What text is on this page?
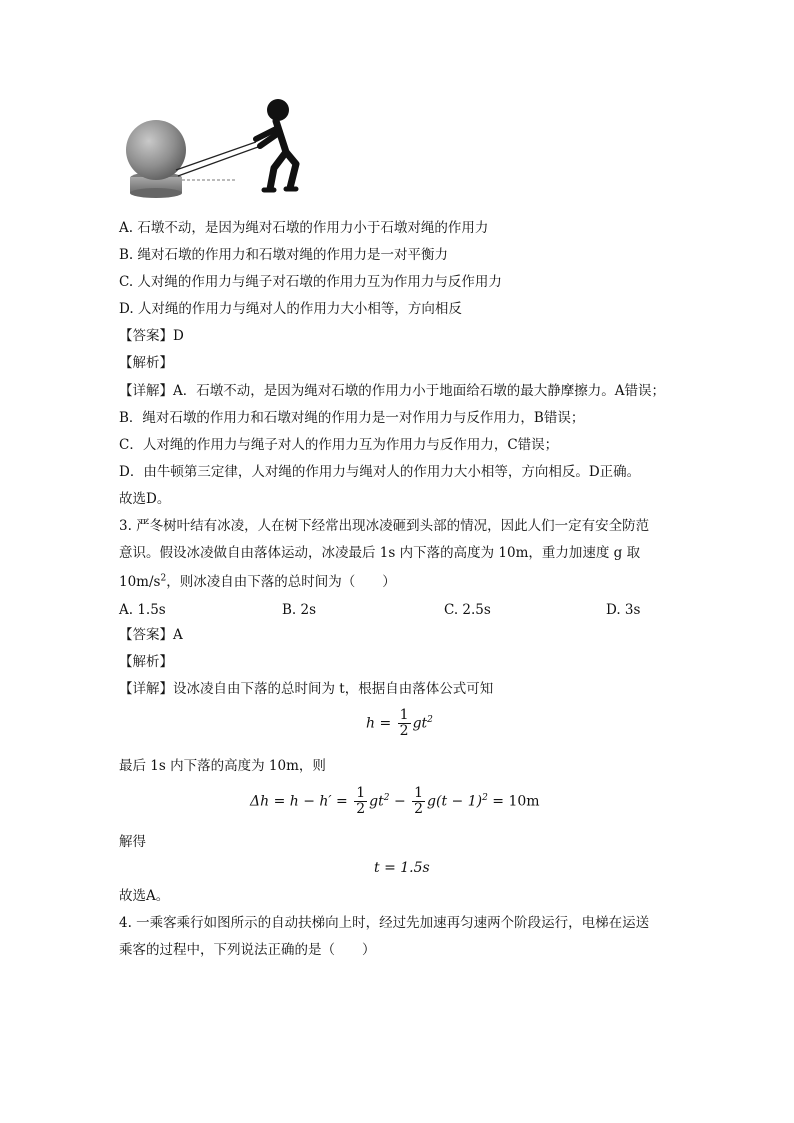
A. 石墩不动，是因为绳对石墩的作用力小于石墩对绳的作用力
B. 绳对石墩的作用力和石墩对绳的作用力是一对平衡力
C. 人对绳的作用力与绳子对石墩的作用力互为作用力与反作用力
D. 人对绳的作用力与绳对人的作用力大小相等，方向相反
【答案】D
【解析】
【详解】A．石墩不动，是因为绳对石墩的作用力小于地面给石墩的最大静摩擦力。A错误；
B．绳对石墩的作用力和石墩对绳的作用力是一对作用力与反作用力，B错误；
C．人对绳的作用力与绳子对人的作用力互为作用力与反作用力，C错误；
D．由牛顿第三定律，人对绳的作用力与绳对人的作用力大小相等，方向相反。D正确。
故选D。
3. 严冬树叶结有冰凌，人在树下经常出现冰凌砸到头部的情况，因此人们一定有安全防范
意识。假设冰凌做自由落体运动，冰凌最后 1s 内下落的高度为 10m，重力加速度 g 取
$10m/s^2$，则冰凌自由下落的总时间为（　　）
A. 1.5s	B. 2s	C. 2.5s	D. 3s
【答案】A
【解析】
【详解】设冰凌自由下落的总时间为 t，根据自由落体公式可知
$h = \frac{1}{2} gt^2$
最后 1s 内下落的高度为 10m，则
$\Delta h = h - h' = \frac{1}{2} gt^2 - \frac{1}{2} g(t - 1)^2 = 10m$
解得
t = 1.5s
故选A。
4. 一乘客乘行如图所示的自动扶梯向上时，经过先加速再匀速两个阶段运行，电梯在运送
乘客的过程中，下列说法正确的是（　　）
